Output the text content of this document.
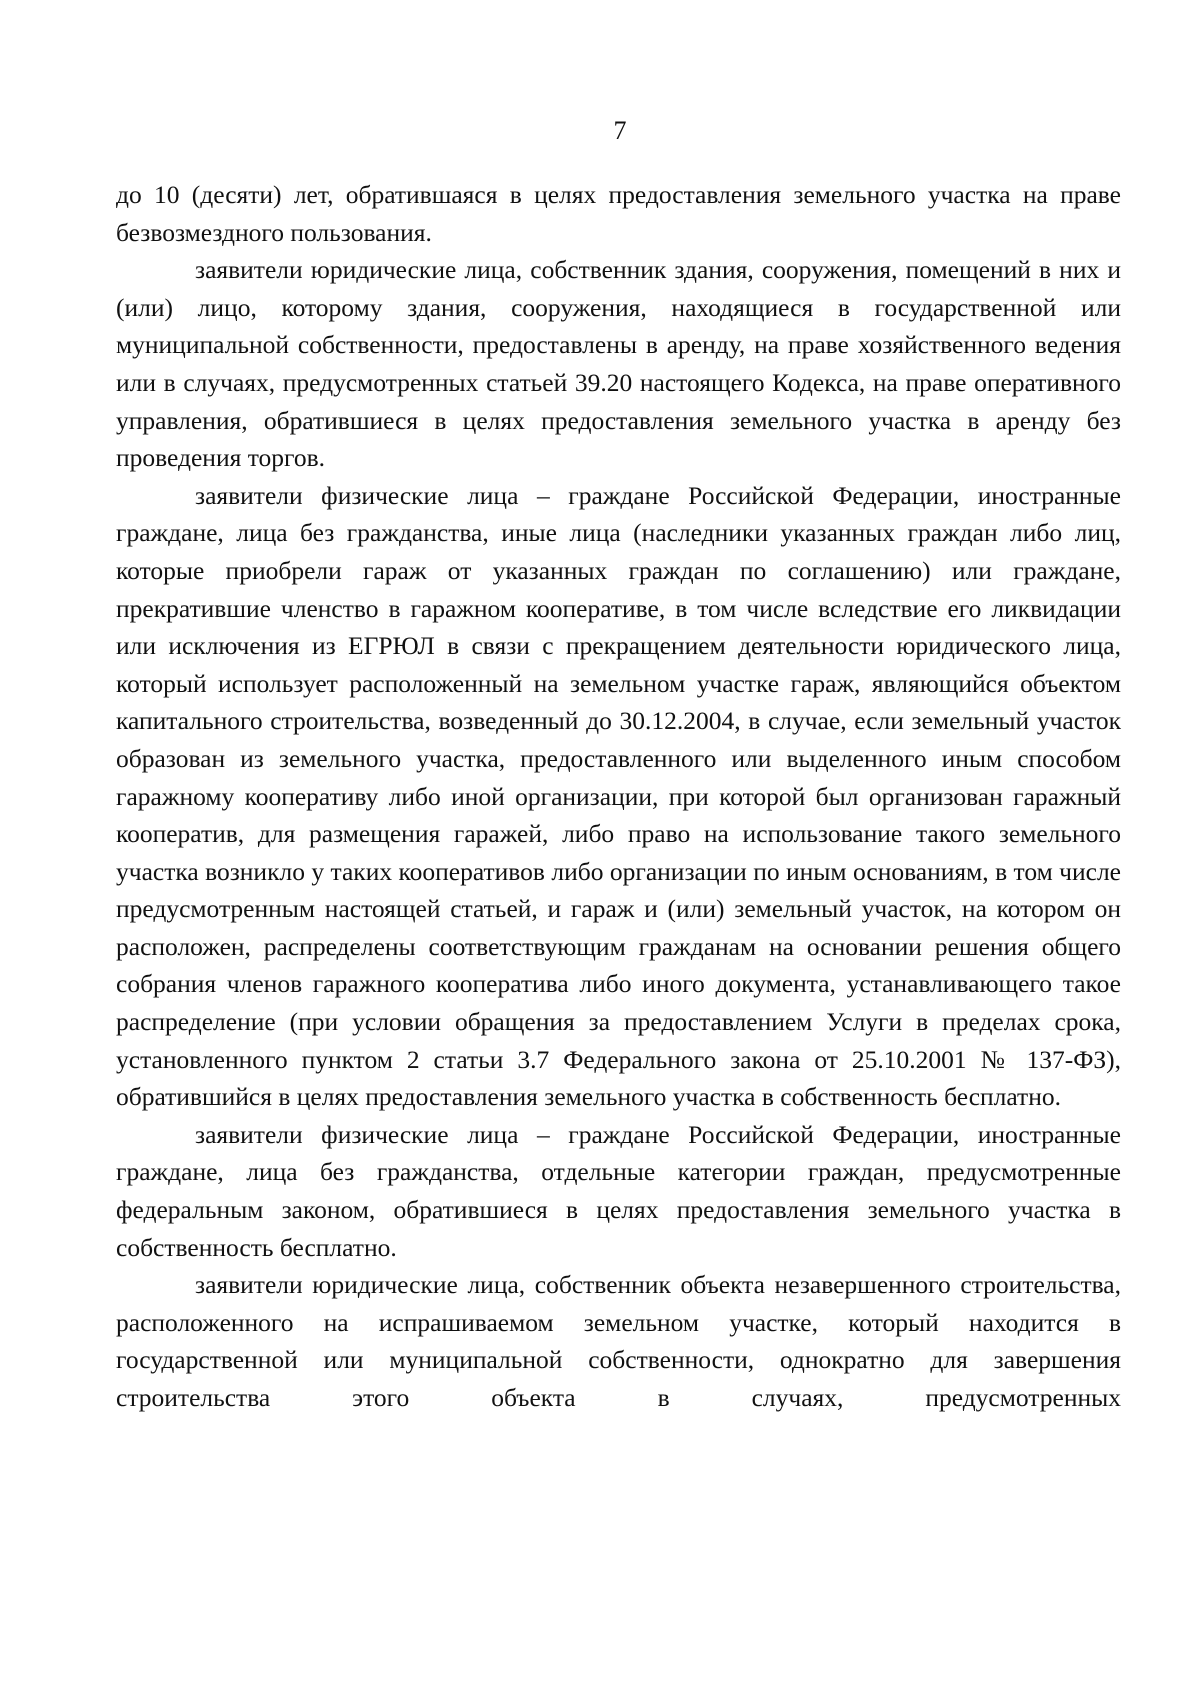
7

до 10 (десяти) лет, обратившаяся в целях предоставления земельного участка на праве безвозмездного пользования.

заявители юридические лица, собственник здания, сооружения, помещений в них и (или) лицо, которому здания, сооружения, находящиеся в государственной или муниципальной собственности, предоставлены в аренду, на праве хозяйственного ведения или в случаях, предусмотренных статьей 39.20 настоящего Кодекса, на праве оперативного управления, обратившиеся в целях предоставления земельного участка в аренду без проведения торгов.

заявители физические лица – граждане Российской Федерации, иностранные граждане, лица без гражданства, иные лица (наследники указанных граждан либо лиц, которые приобрели гараж от указанных граждан по соглашению) или граждане, прекратившие членство в гаражном кооперативе, в том числе вследствие его ликвидации или исключения из ЕГРЮЛ в связи с прекращением деятельности юридического лица, который использует расположенный на земельном участке гараж, являющийся объектом капитального строительства, возведенный до 30.12.2004, в случае, если земельный участок образован из земельного участка, предоставленного или выделенного иным способом гаражному кооперативу либо иной организации, при которой был организован гаражный кооператив, для размещения гаражей, либо право на использование такого земельного участка возникло у таких кооперативов либо организации по иным основаниям, в том числе предусмотренным настоящей статьей, и гараж и (или) земельный участок, на котором он расположен, распределены соответствующим гражданам на основании решения общего собрания членов гаражного кооператива либо иного документа, устанавливающего такое распределение (при условии обращения за предоставлением Услуги в пределах срока, установленного пунктом 2 статьи 3.7 Федерального закона от 25.10.2001 № 137-ФЗ), обратившийся в целях предоставления земельного участка в собственность бесплатно.

заявители физические лица – граждане Российской Федерации, иностранные граждане, лица без гражданства, отдельные категории граждан, предусмотренные федеральным законом, обратившиеся в целях предоставления земельного участка в собственность бесплатно.

заявители юридические лица, собственник объекта незавершенного строительства, расположенного на испрашиваемом земельном участке, который находится в государственной или муниципальной собственности, однократно для завершения строительства этого объекта в случаях, предусмотренных
